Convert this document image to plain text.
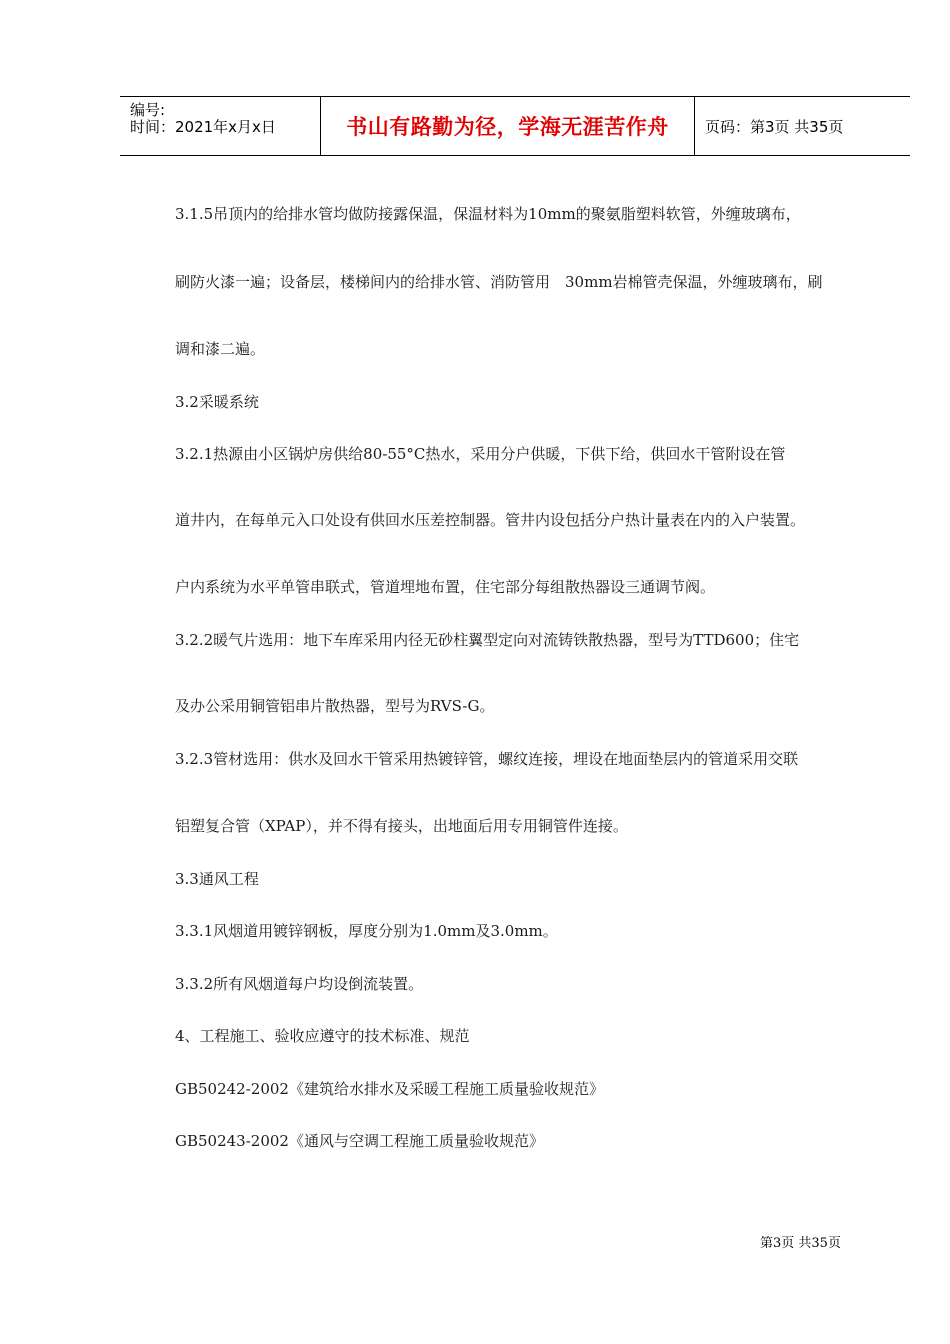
编号:
时间：2021年x月x日	书山有路勤为径，学海无涯苦作舟 页码：第3页 共35页
3.1.5吊顶内的给排水管均做防接露保温，保温材料为10mm的聚氨脂塑料软管，外缠玻璃布，
刷防火漆一遍；设备层，楼梯间内的给排水管、消防管用　30mm岩棉管壳保温，外缠玻璃布，刷
调和漆二遍。
3.2采暖系统
3.2.1热源由小区锅炉房供给80-55°C热水，采用分户供暖，下供下给，供回水干管附设在管
道井内，在每单元入口处设有供回水压差控制器。管井内设包括分户热计量表在内的入户装置。
户内系统为水平单管串联式，管道埋地布置，住宅部分每组散热器设三通调节阀。
3.2.2暖气片选用：地下车库采用内径无砂柱翼型定向对流铸铁散热器，型号为TTD600；住宅
及办公采用铜管铝串片散热器，型号为RVS-G。
3.2.3管材选用：供水及回水干管采用热镀锌管，螺纹连接，埋设在地面垫层内的管道采用交联
铝塑复合管（XPAP），并不得有接头，出地面后用专用铜管件连接。
3.3通风工程
3.3.1风烟道用镀锌钢板，厚度分别为1.0mm及3.0mm。
3.3.2所有风烟道每户均设倒流装置。
4、工程施工、验收应遵守的技术标准、规范
GB50242-2002《建筑给水排水及采暖工程施工质量验收规范》
GB50243-2002《通风与空调工程施工质量验收规范》
第3页 共35页
